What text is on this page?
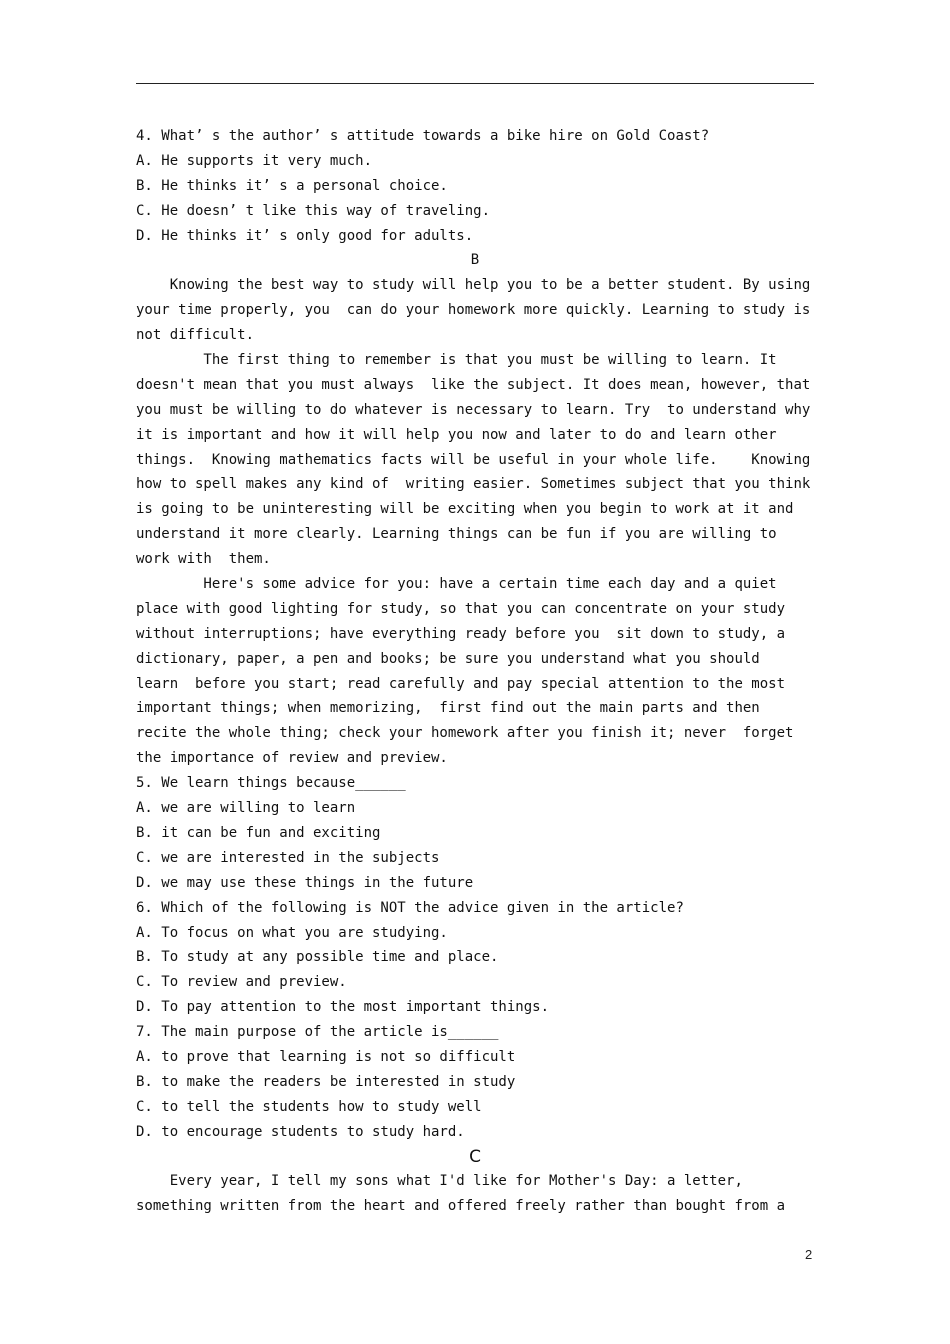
4. What’ s the author’ s attitude towards a bike hire on Gold Coast?
A. He supports it very much.
B. He thinks it’ s a personal choice.
C. He doesn’ t like this way of traveling.
D. He thinks it’ s only good for adults.
B
Knowing the best way to study will help you to be a better student. By using
your time properly, you  can do your homework more quickly. Learning to study is
not difficult.
The first thing to remember is that you must be willing to learn. It
doesn't mean that you must always  like the subject. It does mean, however, that
you must be willing to do whatever is necessary to learn. Try  to understand why
it is important and how it will help you now and later to do and learn other
things.  Knowing mathematics facts will be useful in your whole life.    Knowing
how to spell makes any kind of  writing easier. Sometimes subject that you think
is going to be uninteresting will be exciting when you begin to work at it and
understand it more clearly. Learning things can be fun if you are willing to
work with  them.
Here's some advice for you: have a certain time each day and a quiet
place with good lighting for study, so that you can concentrate on your study
without interruptions; have everything ready before you  sit down to study, a
dictionary, paper, a pen and books; be sure you understand what you should
learn  before you start; read carefully and pay special attention to the most
important things; when memorizing,  first find out the main parts and then
recite the whole thing; check your homework after you finish it; never  forget
the importance of review and preview.
5. We learn things because______
A. we are willing to learn
B. it can be fun and exciting
C. we are interested in the subjects
D. we may use these things in the future
6. Which of the following is NOT the advice given in the article?
A. To focus on what you are studying.
B. To study at any possible time and place.
C. To review and preview.
D. To pay attention to the most important things.
7. The main purpose of the article is______
A. to prove that learning is not so difficult
B. to make the readers be interested in study
C. to tell the students how to study well
D. to encourage students to study hard.
C
Every year, I tell my sons what I'd like for Mother's Day: a letter,
something written from the heart and offered freely rather than bought from a
2
